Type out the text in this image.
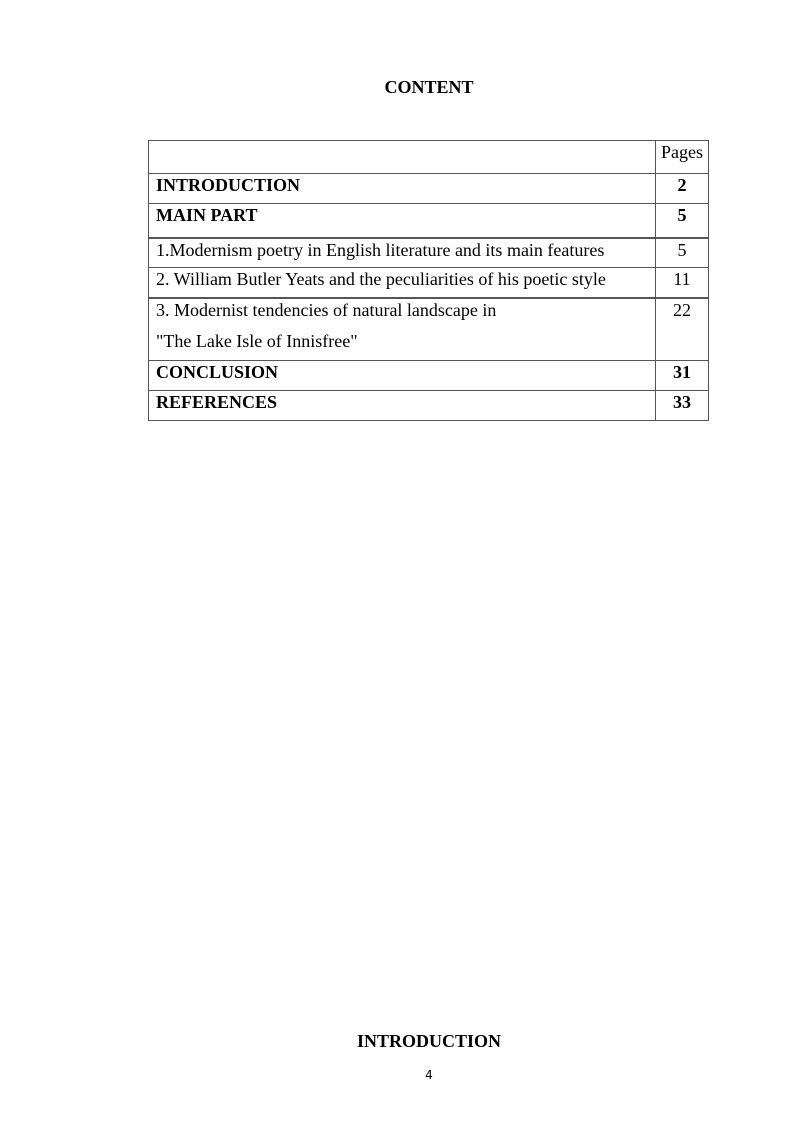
CONTENT
	Pages
INTRODUCTION	2
MAIN PART	5
1.Modernism poetry in English literature and its main features	5
2. William Butler Yeats and the peculiarities of his poetic style	11

3. Modernist tendencies of natural landscape in
"The Lake Isle of Innisfree"	22
CONCLUSION	31
REFERENCES	33
INTRODUCTION
4
